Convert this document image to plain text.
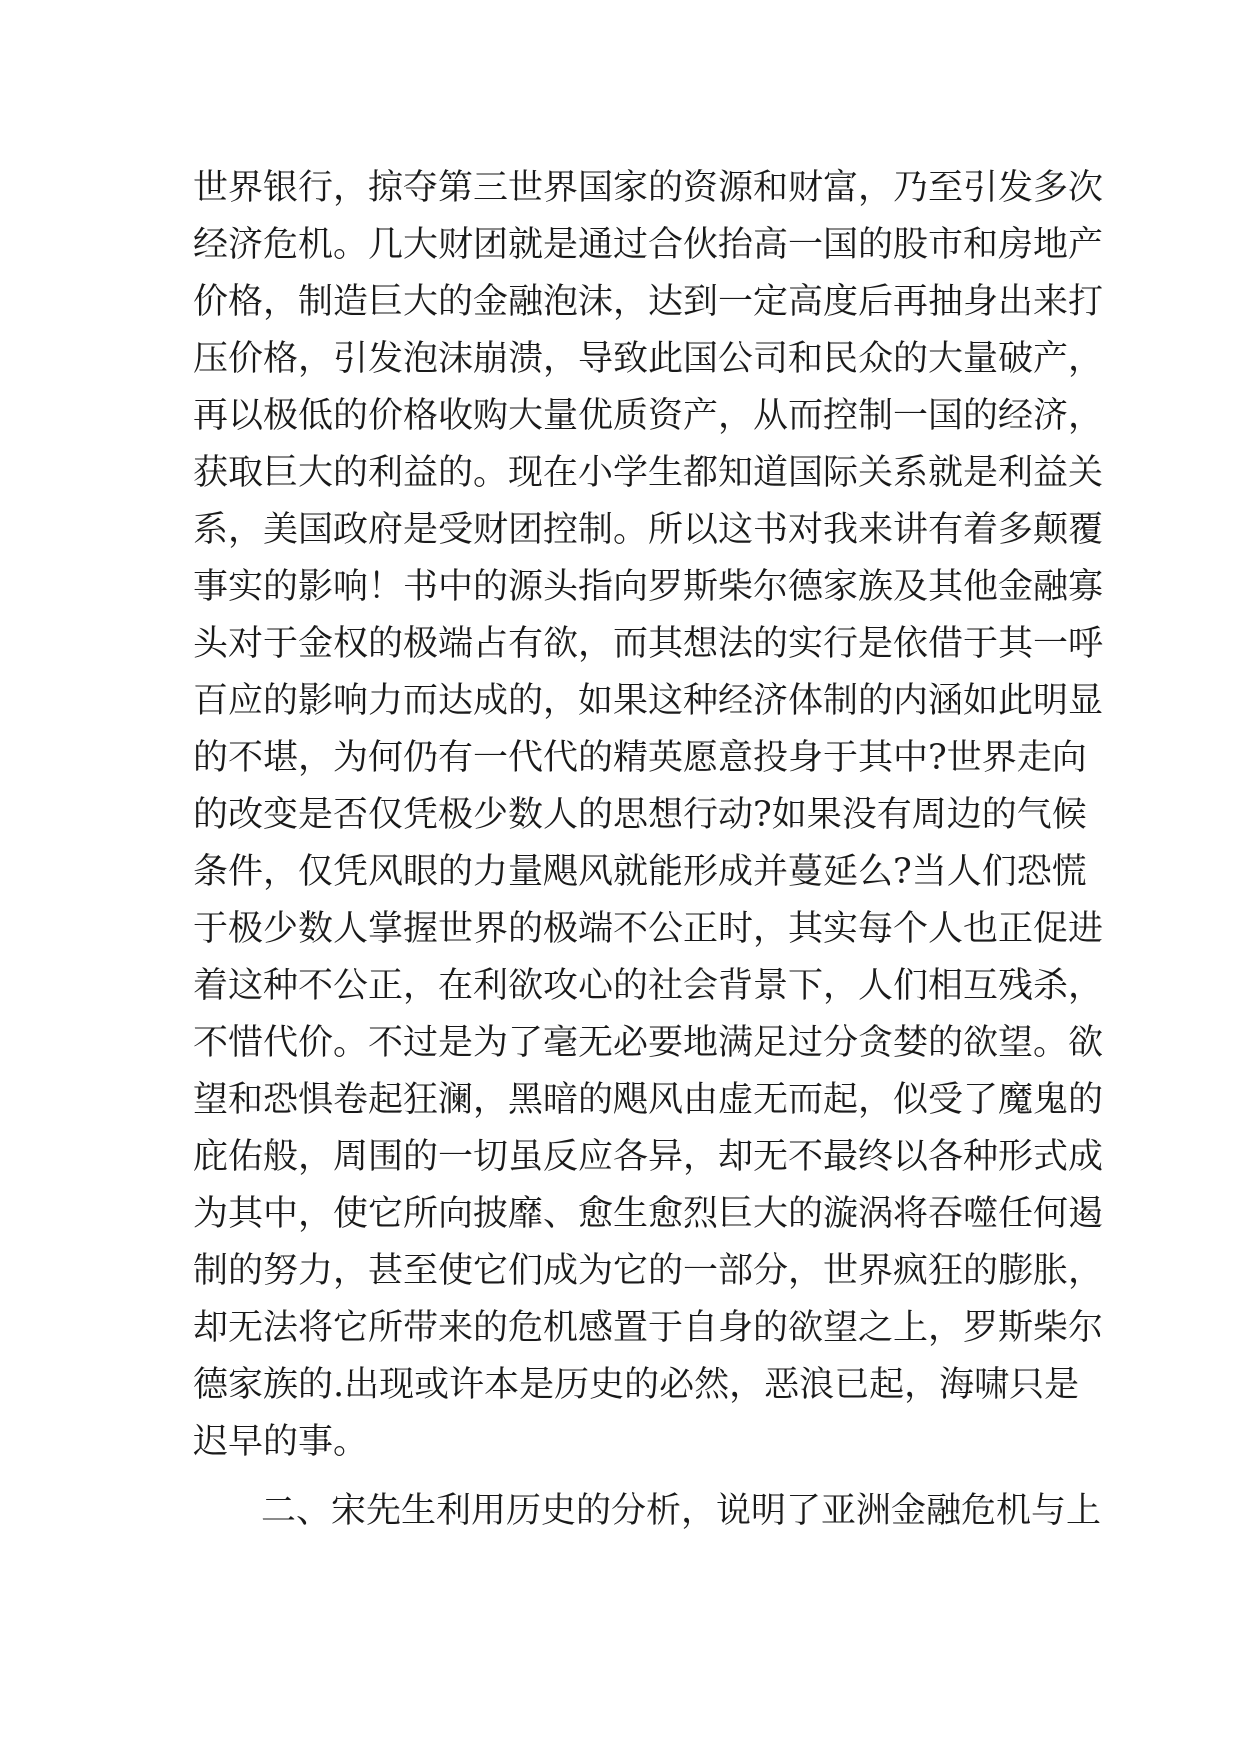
世界银行，掠夺第三世界国家的资源和财富，乃至引发多次
经济危机。几大财团就是通过合伙抬高一国的股市和房地产
价格，制造巨大的金融泡沫，达到一定高度后再抽身出来打
压价格，引发泡沫崩溃，导致此国公司和民众的大量破产，
再以极低的价格收购大量优质资产，从而控制一国的经济，
获取巨大的利益的。现在小学生都知道国际关系就是利益关
系，美国政府是受财团控制。所以这书对我来讲有着多颠覆
事实的影响！书中的源头指向罗斯柴尔德家族及其他金融寡
头对于金权的极端占有欲，而其想法的实行是依借于其一呼
百应的影响力而达成的，如果这种经济体制的内涵如此明显
的不堪，为何仍有一代代的精英愿意投身于其中?世界走向
的改变是否仅凭极少数人的思想行动?如果没有周边的气候
条件，仅凭风眼的力量飓风就能形成并蔓延么?当人们恐慌
于极少数人掌握世界的极端不公正时，其实每个人也正促进
着这种不公正，在利欲攻心的社会背景下，人们相互残杀，
不惜代价。不过是为了毫无必要地满足过分贪婪的欲望。欲
望和恐惧卷起狂澜，黑暗的飓风由虚无而起，似受了魔鬼的
庇佑般，周围的一切虽反应各异，却无不最终以各种形式成
为其中，使它所向披靡、愈生愈烈巨大的漩涡将吞噬任何遏
制的努力，甚至使它们成为它的一部分，世界疯狂的膨胀，
却无法将它所带来的危机感置于自身的欲望之上，罗斯柴尔
德家族的.出现或许本是历史的必然，恶浪已起，海啸只是
迟早的事。
二、宋先生利用历史的分析，说明了亚洲金融危机与上
